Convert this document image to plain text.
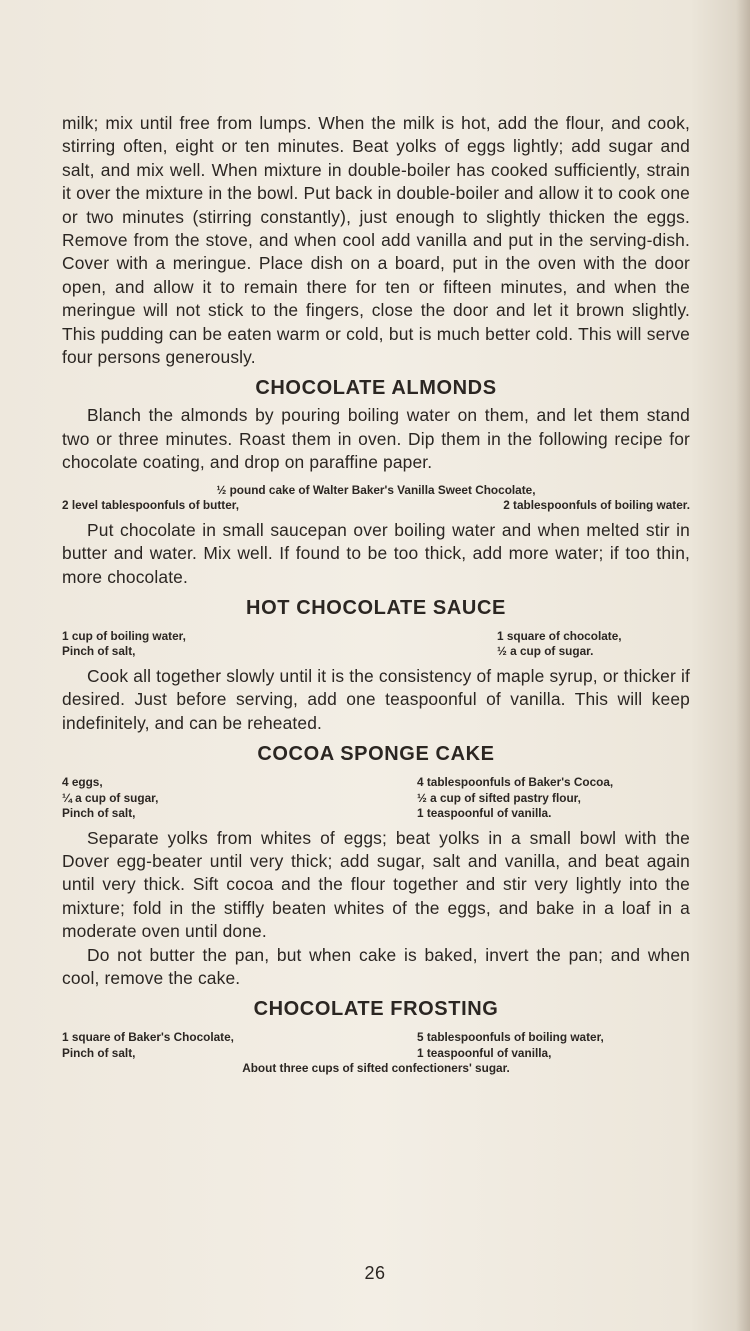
milk; mix until free from lumps. When the milk is hot, add the flour, and cook, stirring often, eight or ten minutes. Beat yolks of eggs lightly; add sugar and salt, and mix well. When mixture in double-boiler has cooked sufficiently, strain it over the mixture in the bowl. Put back in double-boiler and allow it to cook one or two minutes (stirring constantly), just enough to slightly thicken the eggs. Remove from the stove, and when cool add vanilla and put in the serving-dish. Cover with a meringue. Place dish on a board, put in the oven with the door open, and allow it to remain there for ten or fifteen minutes, and when the meringue will not stick to the fingers, close the door and let it brown slightly. This pudding can be eaten warm or cold, but is much better cold. This will serve four persons generously.

CHOCOLATE ALMONDS

Blanch the almonds by pouring boiling water on them, and let them stand two or three minutes. Roast them in oven. Dip them in the following recipe for chocolate coating, and drop on paraffine paper.

½ pound cake of Walter Baker's Vanilla Sweet Chocolate,
2 level tablespoonfuls of butter,	2 tablespoonfuls of boiling water.

Put chocolate in small saucepan over boiling water and when melted stir in butter and water. Mix well. If found to be too thick, add more water; if too thin, more chocolate.

HOT CHOCOLATE SAUCE
1 cup of boiling water,	1 square of chocolate,
Pinch of salt,	½ a cup of sugar.

Cook all together slowly until it is the consistency of maple syrup, or thicker if desired. Just before serving, add one teaspoonful of vanilla. This will keep indefinitely, and can be reheated.

COCOA SPONGE CAKE
4 eggs,	4 tablespoonfuls of Baker's Cocoa,
¼ a cup of sugar,	½ a cup of sifted pastry flour,
Pinch of salt,	1 teaspoonful of vanilla.

Separate yolks from whites of eggs; beat yolks in a small bowl with the Dover egg-beater until very thick; add sugar, salt and vanilla, and beat again until very thick. Sift cocoa and the flour together and stir very lightly into the mixture; fold in the stiffly beaten whites of the eggs, and bake in a loaf in a moderate oven until done.

Do not butter the pan, but when cake is baked, invert the pan; and when cool, remove the cake.

CHOCOLATE FROSTING
1 square of Baker's Chocolate,	5 tablespoonfuls of boiling water,
Pinch of salt,	1 teaspoonful of vanilla,
About three cups of sifted confectioners' sugar.
26
